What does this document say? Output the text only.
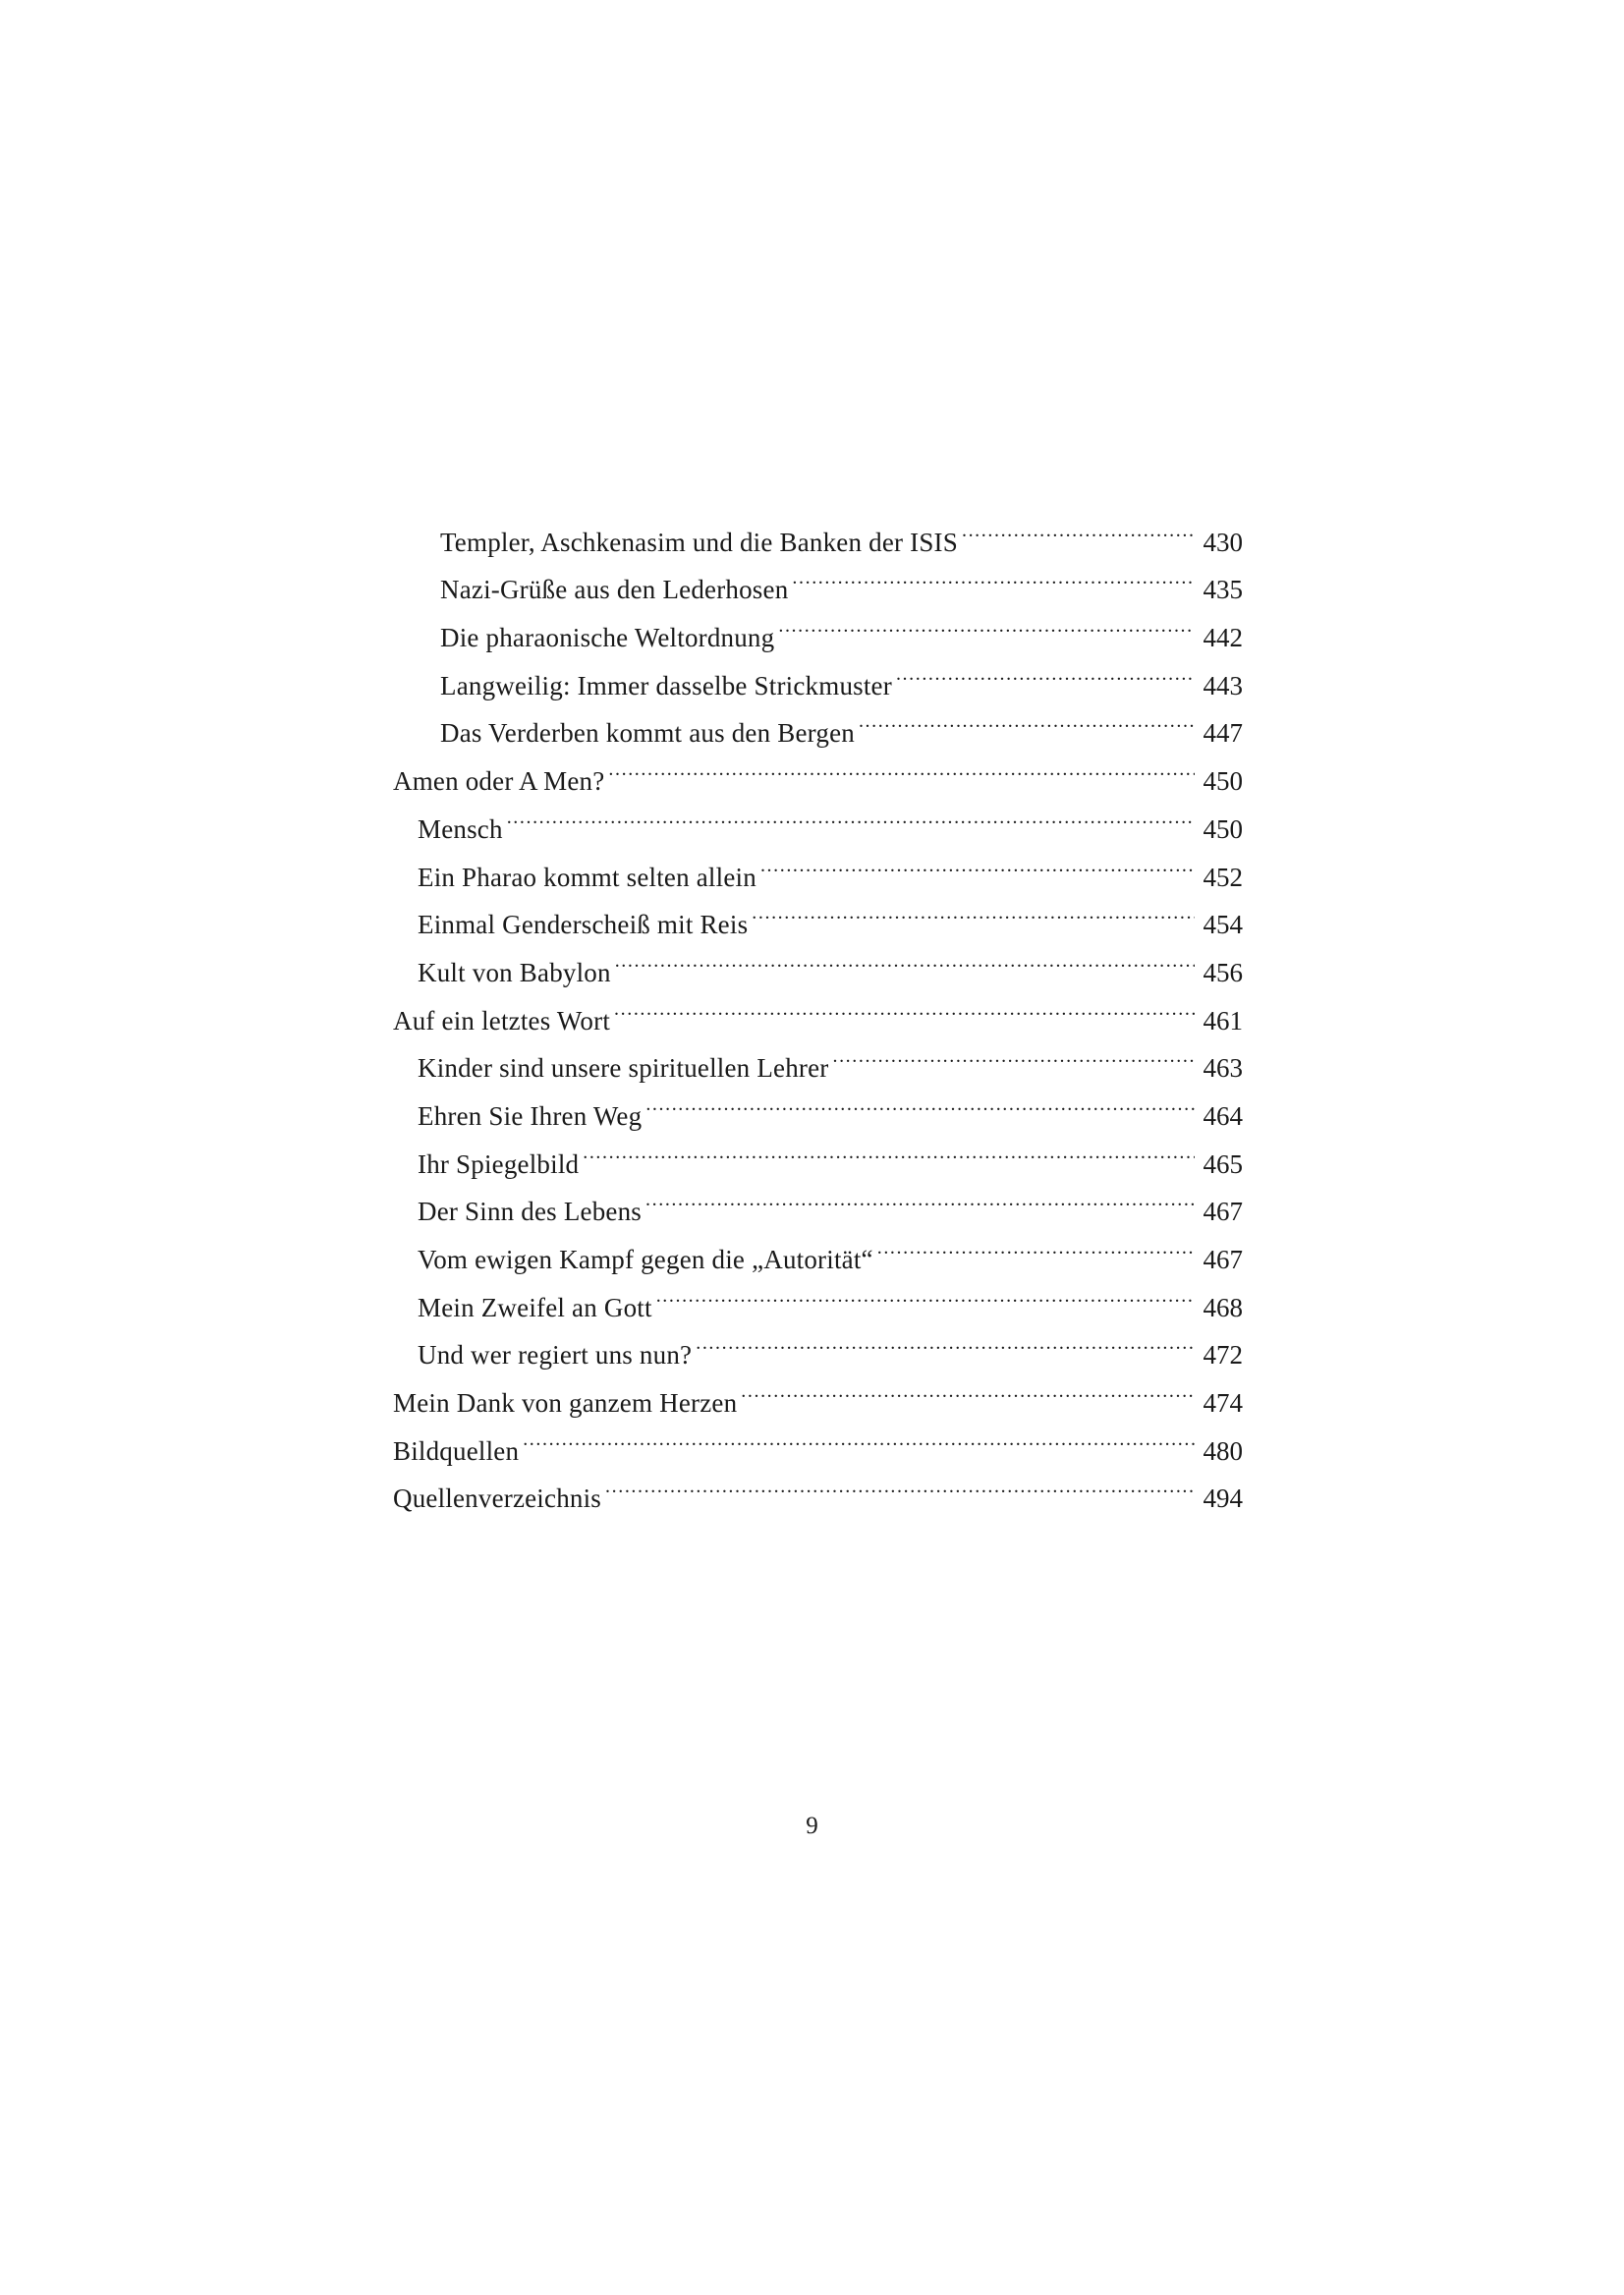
Templer, Aschkenasim und die Banken der ISIS .....	430
Nazi-Grüße aus den Lederhosen .....	435
Die pharaonische Weltordnung .....	442
Langweilig: Immer dasselbe Strickmuster .....	443
Das Verderben kommt aus den Bergen .....	447
Amen oder A Men? .....	450
Mensch .....	450
Ein Pharao kommt selten allein .....	452
Einmal Genderscheiß mit Reis .....	454
Kult von Babylon .....	456
Auf ein letztes Wort .....	461
Kinder sind unsere spirituellen Lehrer .....	463
Ehren Sie Ihren Weg .....	464
Ihr Spiegelbild .....	465
Der Sinn des Lebens .....	467
Vom ewigen Kampf gegen die „Autorität“ .....	467
Mein Zweifel an Gott .....	468
Und wer regiert uns nun? .....	472
Mein Dank von ganzem Herzen .....	474
Bildquellen .....	480
Quellenverzeichnis .....	494
9
